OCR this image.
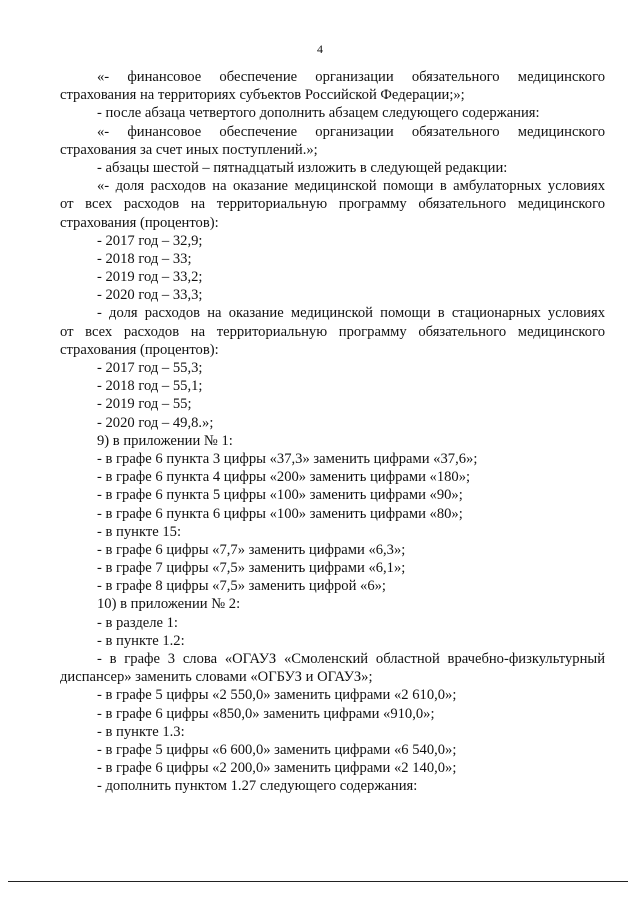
4
«- финансовое обеспечение организации обязательного медицинского
страхования на территориях субъектов Российской Федерации;»;
- после абзаца четвертого дополнить абзацем следующего содержания:
«- финансовое обеспечение организации обязательного медицинского
страхования за счет иных поступлений.»;
- абзацы шестой – пятнадцатый изложить в следующей редакции:
«- доля расходов на оказание медицинской помощи в амбулаторных условиях
от всех расходов на территориальную программу обязательного медицинского
страхования (процентов):
- 2017 год – 32,9;
- 2018 год – 33;
- 2019 год – 33,2;
- 2020 год – 33,3;
- доля расходов на оказание медицинской помощи в стационарных условиях
от всех расходов на территориальную программу обязательного медицинского
страхования (процентов):
- 2017 год – 55,3;
- 2018 год – 55,1;
- 2019 год – 55;
- 2020 год – 49,8.»;
9) в приложении № 1:
- в графе 6 пункта 3 цифры «37,3» заменить цифрами «37,6»;
- в графе 6 пункта 4 цифры «200» заменить цифрами «180»;
- в графе 6 пункта 5 цифры «100» заменить цифрами «90»;
- в графе 6 пункта 6 цифры «100» заменить цифрами «80»;
- в пункте 15:
- в графе 6 цифры «7,7» заменить цифрами «6,3»;
- в графе 7 цифры «7,5» заменить цифрами «6,1»;
- в графе 8 цифры «7,5» заменить цифрой «6»;
10) в приложении № 2:
- в разделе 1:
- в пункте 1.2:
- в графе 3 слова «ОГАУЗ «Смоленский областной врачебно-физкультурный
диспансер» заменить словами «ОГБУЗ и ОГАУЗ»;
- в графе 5 цифры «2 550,0» заменить цифрами «2 610,0»;
- в графе 6 цифры «850,0» заменить цифрами «910,0»;
- в пункте 1.3:
- в графе 5 цифры «6 600,0» заменить цифрами «6 540,0»;
- в графе 6 цифры «2 200,0» заменить цифрами «2 140,0»;
- дополнить пунктом 1.27 следующего содержания:
